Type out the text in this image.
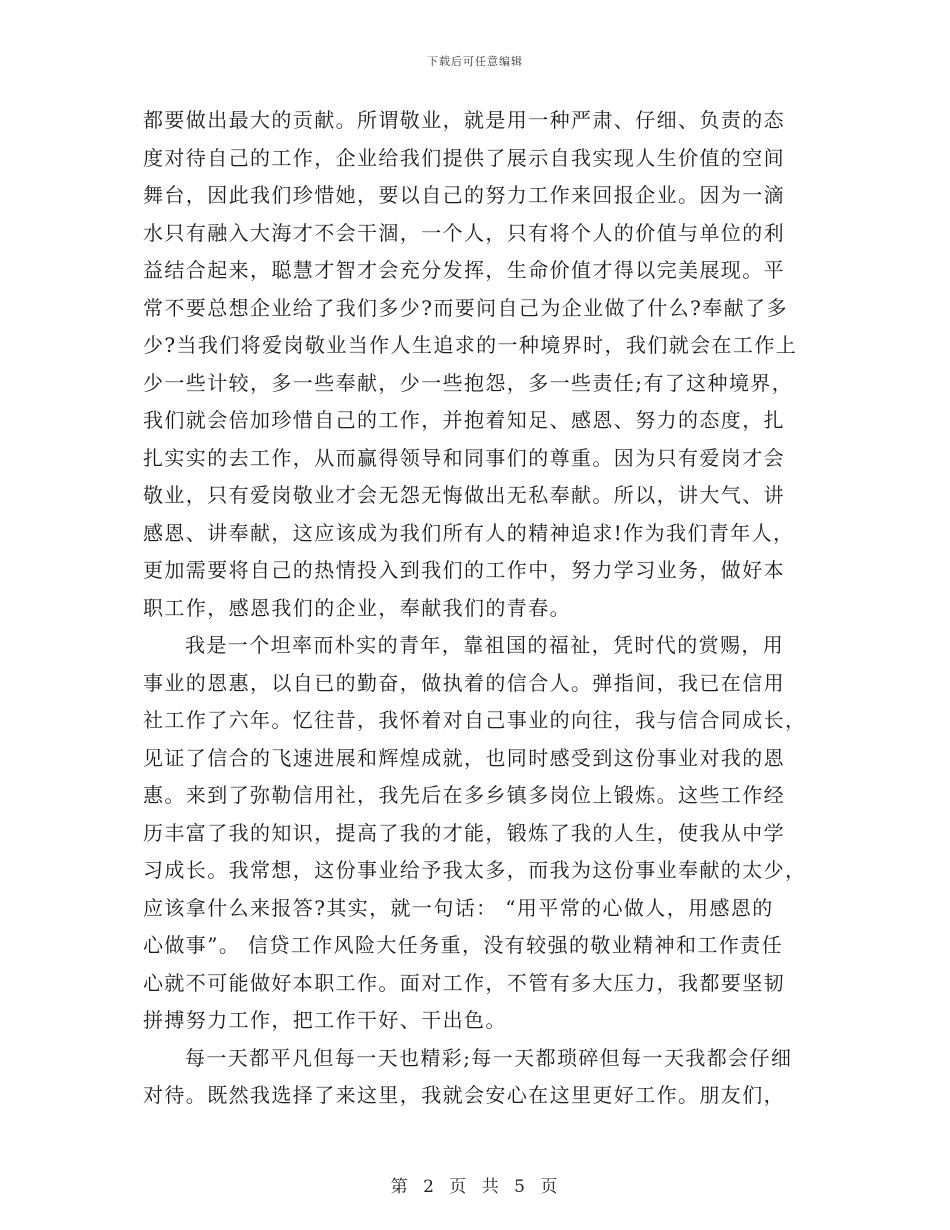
下载后可任意编辑
都要做出最大的贡献。所谓敬业，就是用一种严肃、仔细、负责的态
度对待自己的工作，企业给我们提供了展示自我实现人生价值的空间
舞台，因此我们珍惜她，要以自己的努力工作来回报企业。因为一滴
水只有融入大海才不会干涸，一个人，只有将个人的价值与单位的利
益结合起来，聪慧才智才会充分发挥，生命价值才得以完美展现。平
常不要总想企业给了我们多少?而要问自己为企业做了什么?奉献了多
少?当我们将爱岗敬业当作人生追求的一种境界时，我们就会在工作上
少一些计较，多一些奉献，少一些抱怨，多一些责任;有了这种境界，
我们就会倍加珍惜自己的工作，并抱着知足、感恩、努力的态度，扎
扎实实的去工作，从而赢得领导和同事们的尊重。因为只有爱岗才会
敬业，只有爱岗敬业才会无怨无悔做出无私奉献。所以，讲大气、讲
感恩、讲奉献，这应该成为我们所有人的精神追求!作为我们青年人，
更加需要将自己的热情投入到我们的工作中，努力学习业务，做好本
职工作，感恩我们的企业，奉献我们的青春。
我是一个坦率而朴实的青年，靠祖国的福祉，凭时代的赏赐，用
事业的恩惠，以自已的勤奋，做执着的信合人。弹指间，我已在信用
社工作了六年。忆往昔，我怀着对自己事业的向往，我与信合同成长，
见证了信合的飞速进展和辉煌成就，也同时感受到这份事业对我的恩
惠。来到了弥勒信用社，我先后在多乡镇多岗位上锻炼。这些工作经
历丰富了我的知识，提高了我的才能，锻炼了我的人生，使我从中学
习成长。我常想，这份事业给予我太多，而我为这份事业奉献的太少，
应该拿什么来报答?其实，就一句话： “用平常的心做人，用感恩的
心做事”。 信贷工作风险大任务重，没有较强的敬业精神和工作责任
心就不可能做好本职工作。面对工作，不管有多大压力，我都要坚韧
拼搏努力工作，把工作干好、干出色。
每一天都平凡但每一天也精彩;每一天都琐碎但每一天我都会仔细
对待。既然我选择了来这里，我就会安心在这里更好工作。朋友们，
第 2 页 共 5 页
